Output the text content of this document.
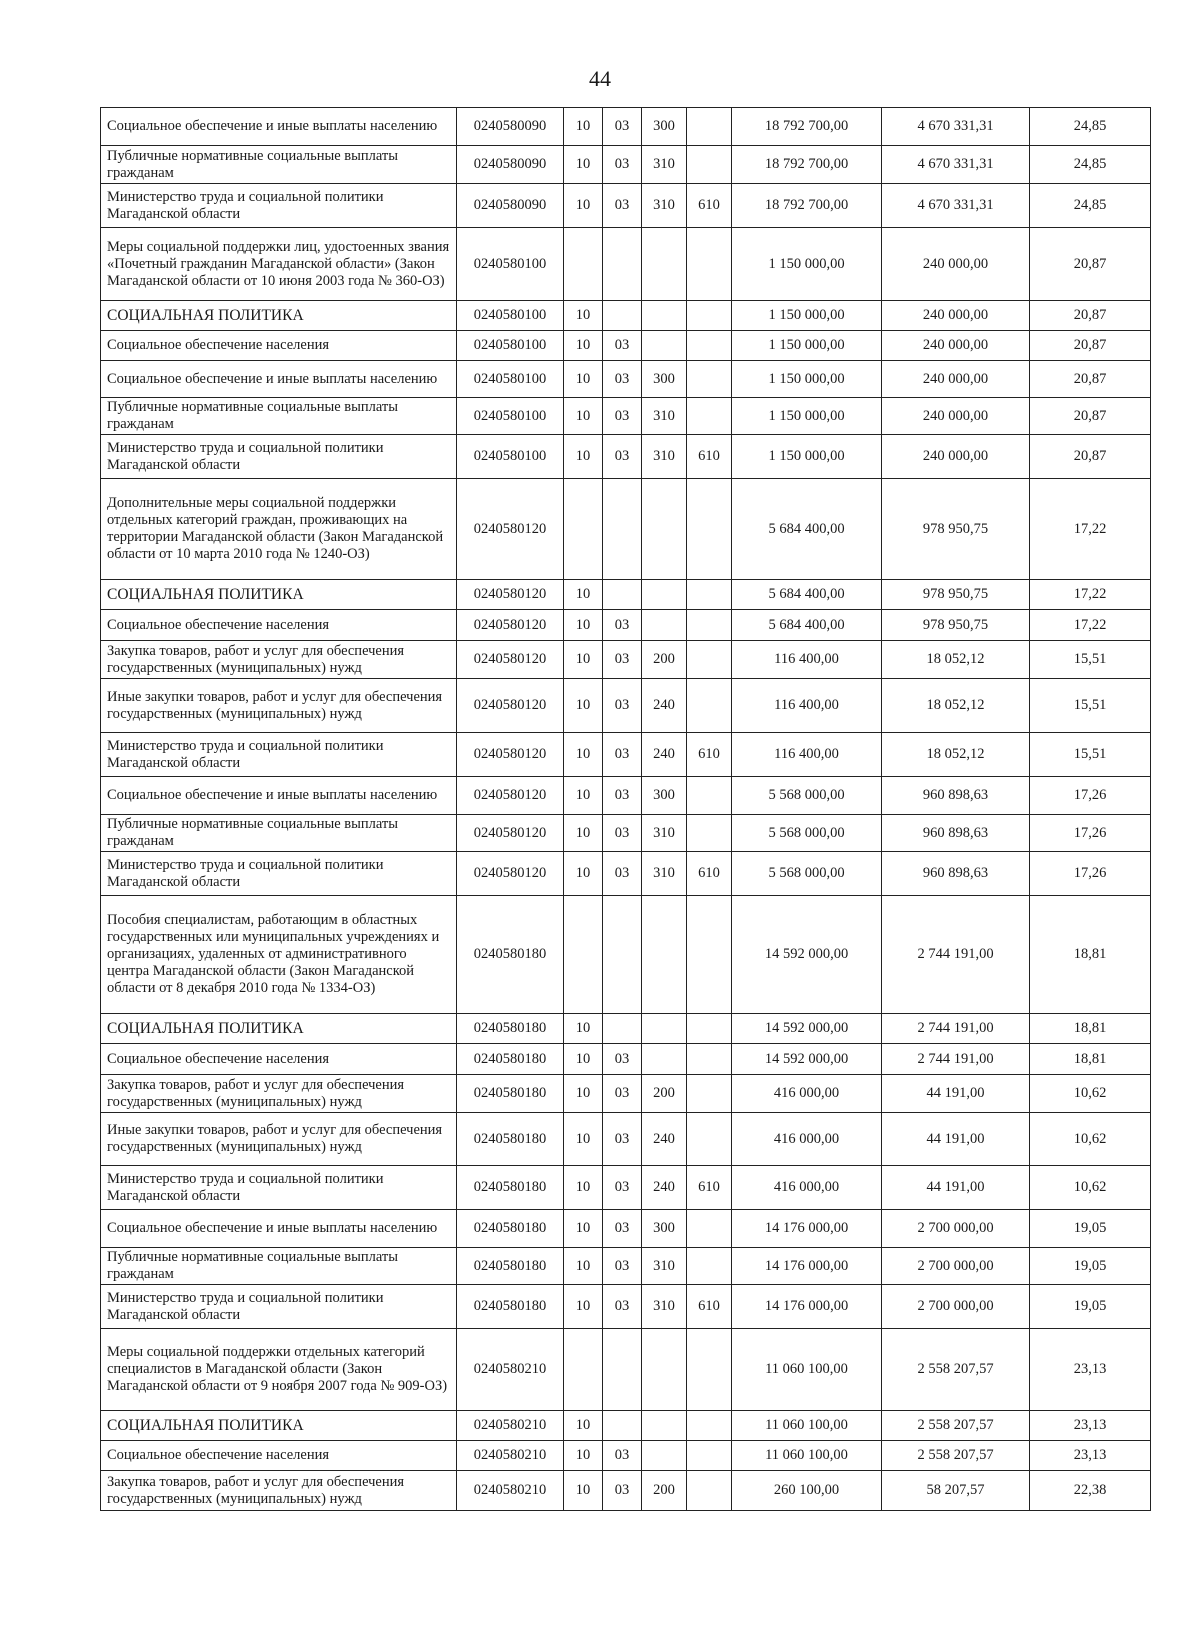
44
Социальное обеспечение и иные выплаты населению	0240580090	10	03	300		18 792 700,00	4 670 331,31	24,85
Публичные нормативные социальные выплаты гражданам	0240580090	10	03	310		18 792 700,00	4 670 331,31	24,85
Министерство труда и социальной политики Магаданской области	0240580090	10	03	310	610	18 792 700,00	4 670 331,31	24,85
Меры социальной поддержки лиц, удостоенных звания «Почетный гражданин Магаданской области» (Закон Магаданской области от 10 июня 2003 года № 360-ОЗ)	0240580100					1 150 000,00	240 000,00	20,87
СОЦИАЛЬНАЯ ПОЛИТИКА	0240580100	10				1 150 000,00	240 000,00	20,87
Социальное обеспечение населения	0240580100	10	03			1 150 000,00	240 000,00	20,87
Социальное обеспечение и иные выплаты населению	0240580100	10	03	300		1 150 000,00	240 000,00	20,87
Публичные нормативные социальные выплаты гражданам	0240580100	10	03	310		1 150 000,00	240 000,00	20,87
Министерство труда и социальной политики Магаданской области	0240580100	10	03	310	610	1 150 000,00	240 000,00	20,87
Дополнительные меры социальной поддержки отдельных категорий граждан, проживающих на территории Магаданской области (Закон Магаданской области от 10 марта 2010 года № 1240-ОЗ)	0240580120					5 684 400,00	978 950,75	17,22
СОЦИАЛЬНАЯ ПОЛИТИКА	0240580120	10				5 684 400,00	978 950,75	17,22
Социальное обеспечение населения	0240580120	10	03			5 684 400,00	978 950,75	17,22
Закупка товаров, работ и услуг для обеспечения государственных (муниципальных) нужд	0240580120	10	03	200		116 400,00	18 052,12	15,51
Иные закупки товаров, работ и услуг для обеспечения государственных (муниципальных) нужд	0240580120	10	03	240		116 400,00	18 052,12	15,51
Министерство труда и социальной политики Магаданской области	0240580120	10	03	240	610	116 400,00	18 052,12	15,51
Социальное обеспечение и иные выплаты населению	0240580120	10	03	300		5 568 000,00	960 898,63	17,26
Публичные нормативные социальные выплаты гражданам	0240580120	10	03	310		5 568 000,00	960 898,63	17,26
Министерство труда и социальной политики Магаданской области	0240580120	10	03	310	610	5 568 000,00	960 898,63	17,26
Пособия специалистам, работающим в областных государственных или муниципальных учреждениях и организациях, удаленных от административного центра Магаданской области (Закон Магаданской области от 8 декабря 2010 года № 1334-ОЗ)	0240580180					14 592 000,00	2 744 191,00	18,81
СОЦИАЛЬНАЯ ПОЛИТИКА	0240580180	10				14 592 000,00	2 744 191,00	18,81
Социальное обеспечение населения	0240580180	10	03			14 592 000,00	2 744 191,00	18,81
Закупка товаров, работ и услуг для обеспечения государственных (муниципальных) нужд	0240580180	10	03	200		416 000,00	44 191,00	10,62
Иные закупки товаров, работ и услуг для обеспечения государственных (муниципальных) нужд	0240580180	10	03	240		416 000,00	44 191,00	10,62
Министерство труда и социальной политики Магаданской области	0240580180	10	03	240	610	416 000,00	44 191,00	10,62
Социальное обеспечение и иные выплаты населению	0240580180	10	03	300		14 176 000,00	2 700 000,00	19,05
Публичные нормативные социальные выплаты гражданам	0240580180	10	03	310		14 176 000,00	2 700 000,00	19,05
Министерство труда и социальной политики Магаданской области	0240580180	10	03	310	610	14 176 000,00	2 700 000,00	19,05
Меры социальной поддержки отдельных категорий специалистов в Магаданской области (Закон Магаданской области от 9 ноября 2007 года № 909-ОЗ)	0240580210					11 060 100,00	2 558 207,57	23,13
СОЦИАЛЬНАЯ ПОЛИТИКА	0240580210	10				11 060 100,00	2 558 207,57	23,13
Социальное обеспечение населения	0240580210	10	03			11 060 100,00	2 558 207,57	23,13
Закупка товаров, работ и услуг для обеспечения государственных (муниципальных) нужд	0240580210	10	03	200		260 100,00	58 207,57	22,38
